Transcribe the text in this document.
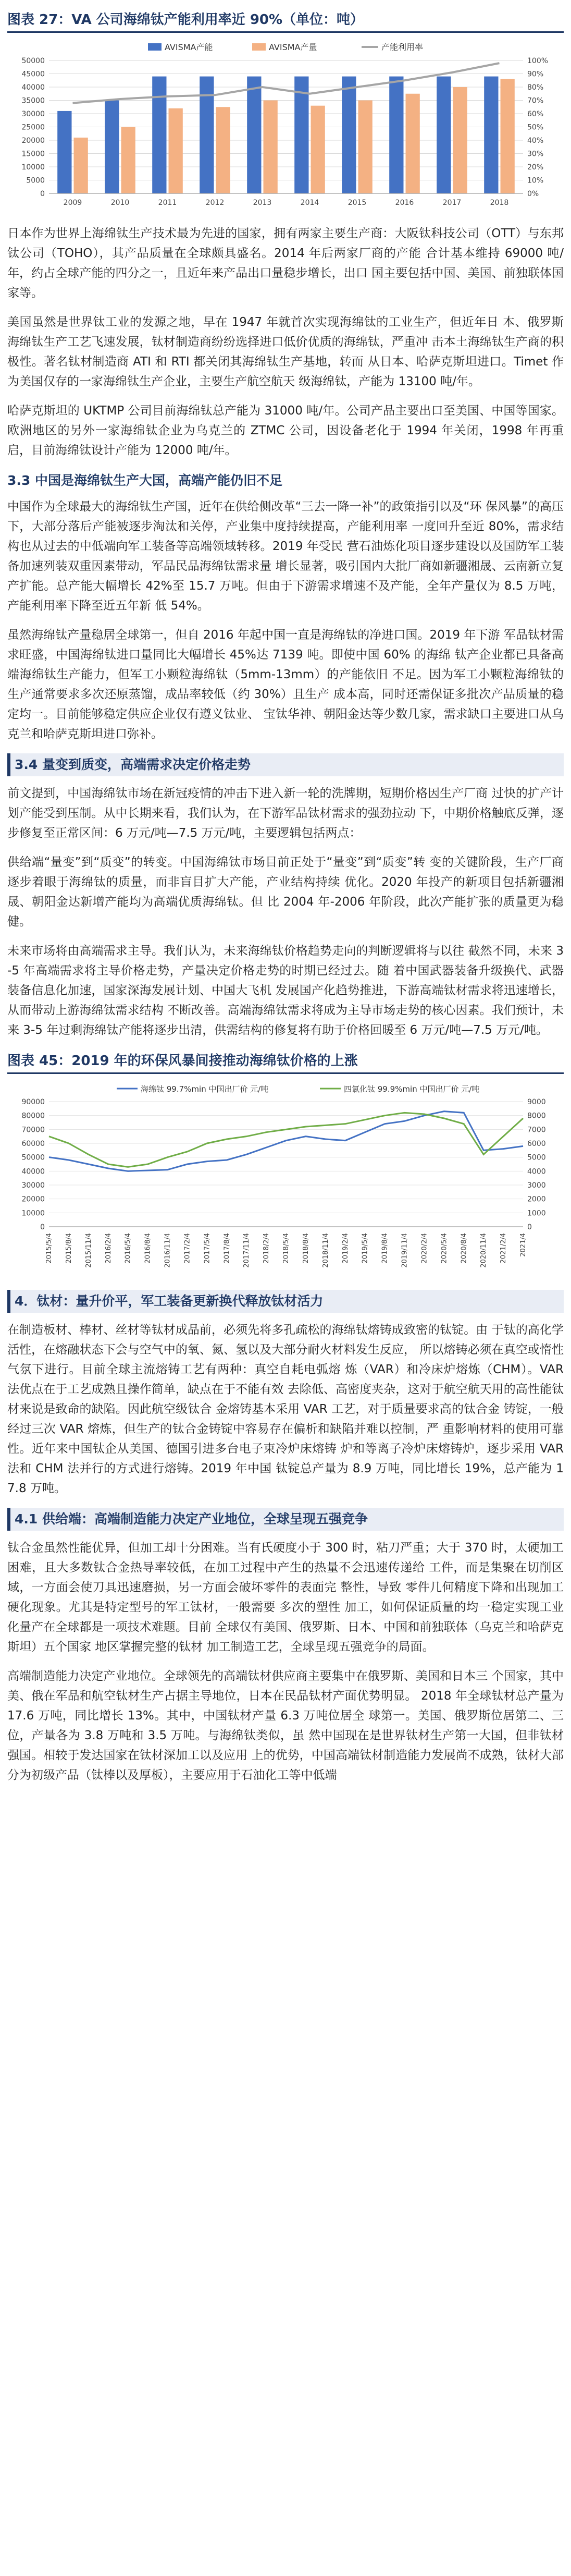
图表 27：VA 公司海绵钛产能利用率近 90%（单位：吨）
AVISMA产能	AVISMA产量	产能利用率
0
5000
10000
15000
20000
25000
30000
35000
40000
45000
50000
0%
10%
20%
30%
40%
50%
60%
70%
80%
90%
100%
2009	2010	2011	2012	2013	2014	2015	2016	2017	2018
日本作为世界上海绵钛生产技术最为先进的国家，拥有两家主要生产商：大阪钛科技公司（OTT）与东邦钛公司（TOHO），其产品质量在全球颇具盛名。2014 年后两家厂商的产能 合计基本维持 69000 吨/年，约占全球产能的四分之一，且近年来产品出口量稳步增长，出口 国主要包括中国、美国、前独联体国家等。
美国虽然是世界钛工业的发源之地，早在 1947 年就首次实现海绵钛的工业生产，但近年日 本、俄罗斯海绵钛生产工艺飞速发展，钛材制造商纷纷选择进口低价优质的海绵钛，严重冲 击本土海绵钛生产商的积极性。著名钛材制造商 ATI 和 RTI 都关闭其海绵钛生产基地，转而 从日本、哈萨克斯坦进口。Timet 作为美国仅存的一家海绵钛生产企业，主要生产航空航天 级海绵钛，产能为 13100 吨/年。
哈萨克斯坦的 UKTMP 公司目前海绵钛总产能为 31000 吨/年。公司产品主要出口至美国、中国等国家。欧洲地区的另外一家海绵钛企业为乌克兰的 ZTMC 公司，因设备老化于 1994 年关闭，1998 年再重启，目前海绵钛设计产能为 12000 吨/年。
3.3 中国是海绵钛生产大国，高端产能仍旧不足
中国作为全球最大的海绵钛生产国，近年在供给侧改革“三去一降一补”的政策指引以及“环 保风暴”的高压下，大部分落后产能被逐步淘汰和关停，产业集中度持续提高，产能利用率 一度回升至近 80%，需求结构也从过去的中低端向军工装备等高端领域转移。2019 年受民 营石油炼化项目逐步建设以及国防军工装备加速列装双重因素带动，军品民品海绵钛需求量 增长显著，吸引国内大批厂商如新疆湘晟、云南新立复产扩能。总产能大幅增长 42%至 15.7 万吨。但由于下游需求增速不及产能，全年产量仅为 8.5 万吨，产能利用率下降至近五年新 低 54%。
虽然海绵钛产量稳居全球第一，但自 2016 年起中国一直是海绵钛的净进口国。2019 年下游 军品钛材需求旺盛，中国海绵钛进口量同比大幅增长 45%达 7139 吨。即使中国 60% 的海绵 钛产企业都已具备高端海绵钛生产能力，但军工小颗粒海绵钛（5mm-13mm）的产能依旧 不足。因为军工小颗粒海绵钛的生产通常要求多次还原蒸馏，成品率较低（约 30%）且生产 成本高，同时还需保证多批次产品质量的稳定均一。目前能够稳定供应企业仅有遵义钛业、 宝钛华神、朝阳金达等少数几家，需求缺口主要进口从乌克兰和哈萨克斯坦进口弥补。
3.4 量变到质变，高端需求决定价格走势
前文提到，中国海绵钛市场在新冠疫情的冲击下进入新一轮的洗牌期，短期价格因生产厂商 过快的扩产计划产能受到压制。从中长期来看，我们认为，在下游军品钛材需求的强劲拉动 下，中期价格触底反弹，逐步修复至正常区间：6 万元/吨—7.5 万元/吨，主要逻辑包括两点：
供给端“量变”到“质变”的转变。中国海绵钛市场目前正处于“量变”到“质变”转 变的关键阶段，生产厂商逐步着眼于海绵钛的质量，而非盲目扩大产能，产业结构持续 优化。2020 年投产的新项目包括新疆湘晟、朝阳金达新增产能均为高端优质海绵钛。但 比 2004 年-2006 年阶段，此次产能扩张的质量更为稳健。
未来市场将由高端需求主导。我们认为，未来海绵钛价格趋势走向的判断逻辑将与以往 截然不同，未来 3-5 年高端需求将主导价格走势，产量决定价格走势的时期已经过去。随 着中国武器装备升级换代、武器装备信息化加速，国家深海发展计划、中国大飞机 发展国产化趋势推进，下游高端钛材需求将迅速增长，从而带动上游海绵钛需求结构 不断改善。高端海绵钛需求将成为主导市场走势的核心因素。我们预计，未来 3-5 年过剩海绵钛产能将逐步出清，供需结构的修复将有助于价格回暖至 6 万元/吨—7.5 万元/吨。
图表 45：2019 年的环保风暴间接推动海绵钛价格的上涨
海绵钛 99.7%min 中国出厂价 元/吨	四氯化钛 99.9%min 中国出厂价 元/吨
0
10000
20000
30000
40000
50000
60000
70000
80000
90000
0
1000
2000
3000
4000
5000
6000
7000
8000
9000
2015/5/4 2015/8/4 2015/11/4 2016/2/4 2016/5/4 2016/8/4 2016/11/4 2017/2/4 2017/5/4 2017/8/4 2017/11/4 2018/2/4 2018/5/4 2018/8/4 2018/11/4 2019/2/4 2019/5/4 2019/8/4 2019/11/4 2020/2/4 2020/5/4 2020/8/4 2020/11/4 2021/2/4 2021/4
4．钛材：量升价平，军工装备更新换代释放钛材活力
在制造板材、棒材、丝材等钛材成品前，必须先将多孔疏松的海绵钛熔铸成致密的钛锭。由 于钛的高化学活性，在熔融状态下会与空气中的氧、氮、氢以及大部分耐火材料发生反应， 所以熔铸必须在真空或惰性气氛下进行。目前全球主流熔铸工艺有两种：真空自耗电弧熔 炼（VAR）和冷床炉熔炼（CHM）。VAR 法优点在于工艺成熟且操作简单，缺点在于不能有效 去除低、高密度夹杂，这对于航空航天用的高性能钛材来说是致命的缺陷。因此航空级钛合 金熔铸基本采用 VAR 工艺，对于质量要求高的钛合金 铸锭，一般经过三次 VAR 熔炼，但生产的钛合金铸锭中容易存在偏析和缺陷并难以控制，严 重影响材料的使用可靠性。近年来中国钛企从美国、德国引进多台电子束冷炉床熔铸 炉和等离子冷炉床熔铸炉，逐步采用 VAR 法和 CHM 法并行的方式进行熔铸。2019 年中国 钛锭总产量为 8.9 万吨，同比增长 19%，总产能为 17.8 万吨。
4.1 供给端：高端制造能力决定产业地位，全球呈现五强竞争
钛合金虽然性能优异，但加工却十分困难。当有氏硬度小于 300 时，粘刀严重；大于 370 时，太硬加工困难，且大多数钛合金热导率较低，在加工过程中产生的热量不会迅速传递给 工件，而是集聚在切削区域，一方面会使刀具迅速磨损，另一方面会破坏零件的表面完 整性，导致 零件几何精度下降和出现加工硬化现象。尤其是特定型号的军工钛材，一般需要 多次的塑性 加工，如何保证质量的均一稳定实现工业化量产在全球都是一项技术难题。目前 全球仅有美国、俄罗斯、日本、中国和前独联体（乌克兰和哈萨克斯坦）五个国家 地区掌握完整的钛材 加工制造工艺，全球呈现五强竞争的局面。
高端制造能力决定产业地位。全球领先的高端钛材供应商主要集中在俄罗斯、美国和日本三 个国家，其中美、俄在军品和航空钛材生产占据主导地位，日本在民品钛材产面优势明显。 2018 年全球钛材总产量为 17.6 万吨，同比增长 13%。其中，中国钛材产量 6.3 万吨位居全 球第一。美国、俄罗斯位居第二、三位，产量各为 3.8 万吨和 3.5 万吨。与海绵钛类似，虽 然中国现在是世界钛材生产第一大国，但非钛材强国。相较于发达国家在钛材深加工以及应用 上的优势，中国高端钛材制造能力发展尚不成熟，钛材大部分为初级产品（钛棒以及厚板），主要应用于石油化工等中低端
